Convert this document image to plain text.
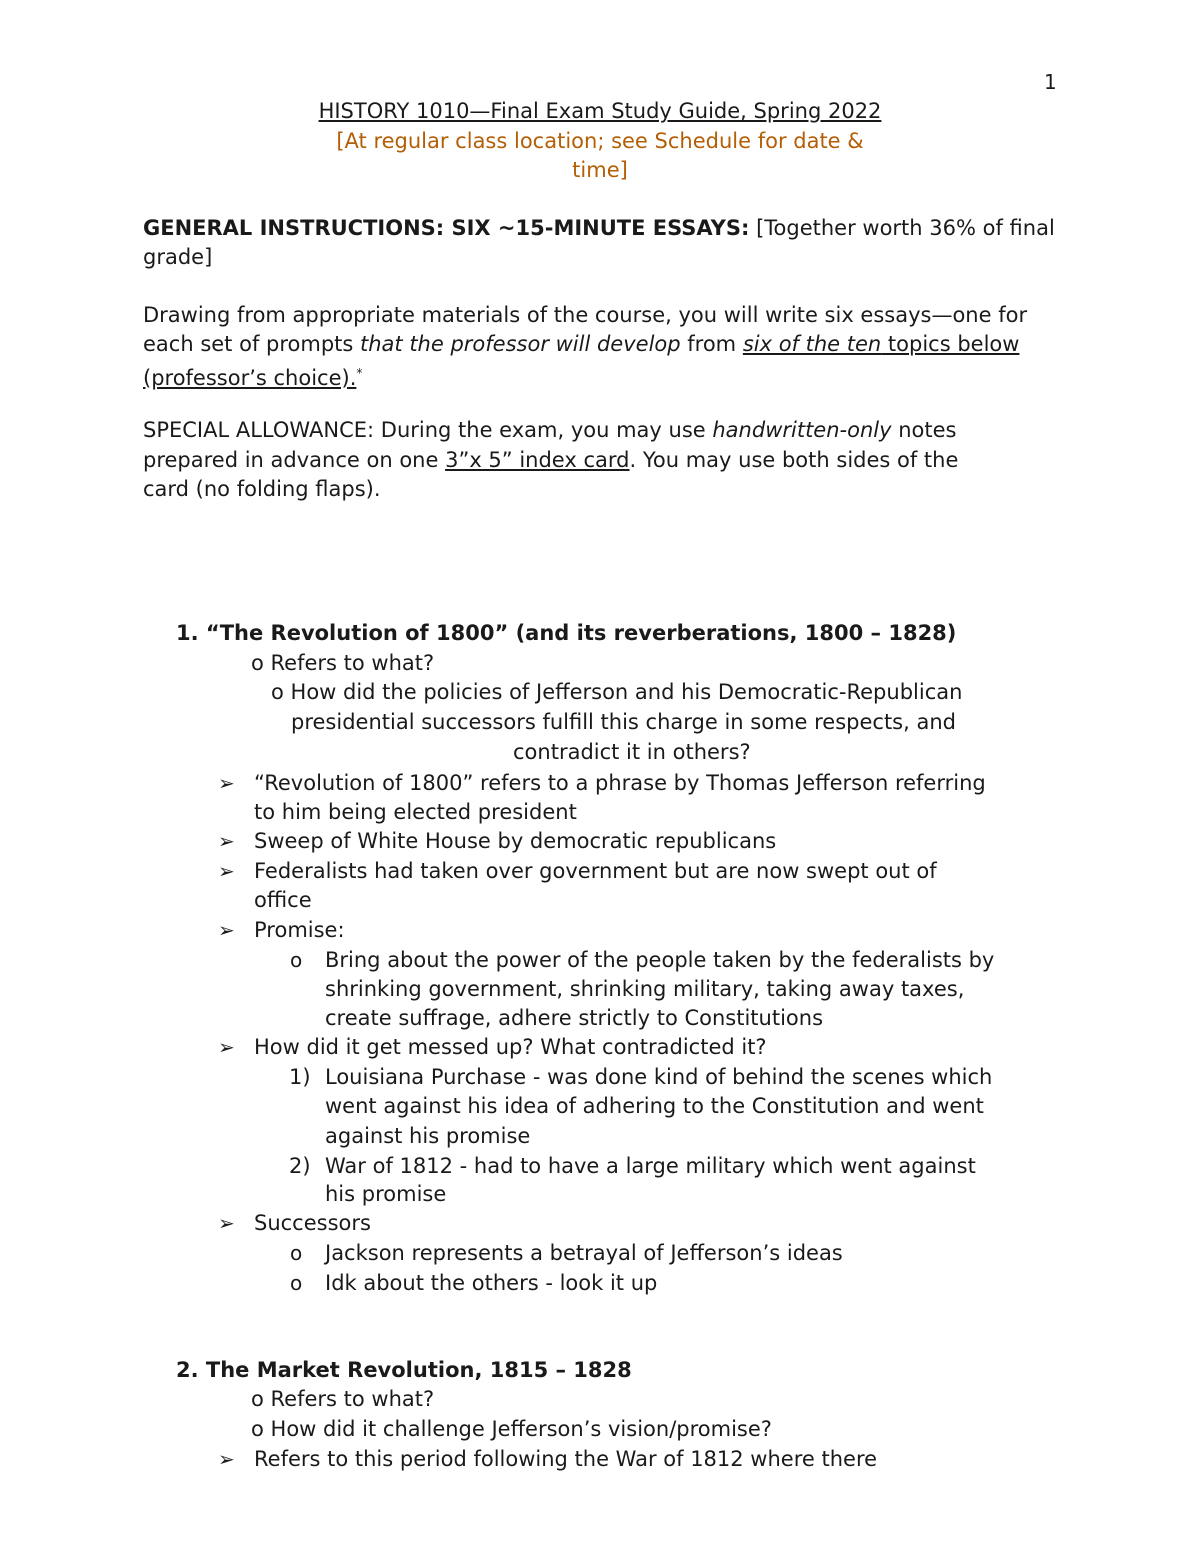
1
HISTORY 1010—Final Exam Study Guide, Spring 2022
[At regular class location; see Schedule for date &
time]
GENERAL INSTRUCTIONS: SIX ~15-MINUTE ESSAYS: [Together worth 36% of final
grade]
Drawing from appropriate materials of the course, you will write six essays—one for
each set of prompts that the professor will develop from six of the ten topics below
(professor’s choice).*
SPECIAL ALLOWANCE: During the exam, you may use handwritten-only notes
prepared in advance on one 3”x 5” index card. You may use both sides of the
card (no folding flaps).
1. “The Revolution of 1800” (and its reverberations, 1800 – 1828)
o Refers to what?
o How did the policies of Jefferson and his Democratic-Republican
presidential successors fulfill this charge in some respects, and
contradict it in others?
➢ “Revolution of 1800” refers to a phrase by Thomas Jefferson referring
to him being elected president
➢ Sweep of White House by democratic republicans
➢ Federalists had taken over government but are now swept out of
office
➢ Promise:
o Bring about the power of the people taken by the federalists by
shrinking government, shrinking military, taking away taxes,
create suffrage, adhere strictly to Constitutions
➢ How did it get messed up? What contradicted it?
1) Louisiana Purchase - was done kind of behind the scenes which
went against his idea of adhering to the Constitution and went
against his promise
2) War of 1812 - had to have a large military which went against
his promise
➢ Successors
o Jackson represents a betrayal of Jefferson’s ideas
o Idk about the others - look it up
2. The Market Revolution, 1815 – 1828
o Refers to what?
o How did it challenge Jefferson’s vision/promise?
➢ Refers to this period following the War of 1812 where there
